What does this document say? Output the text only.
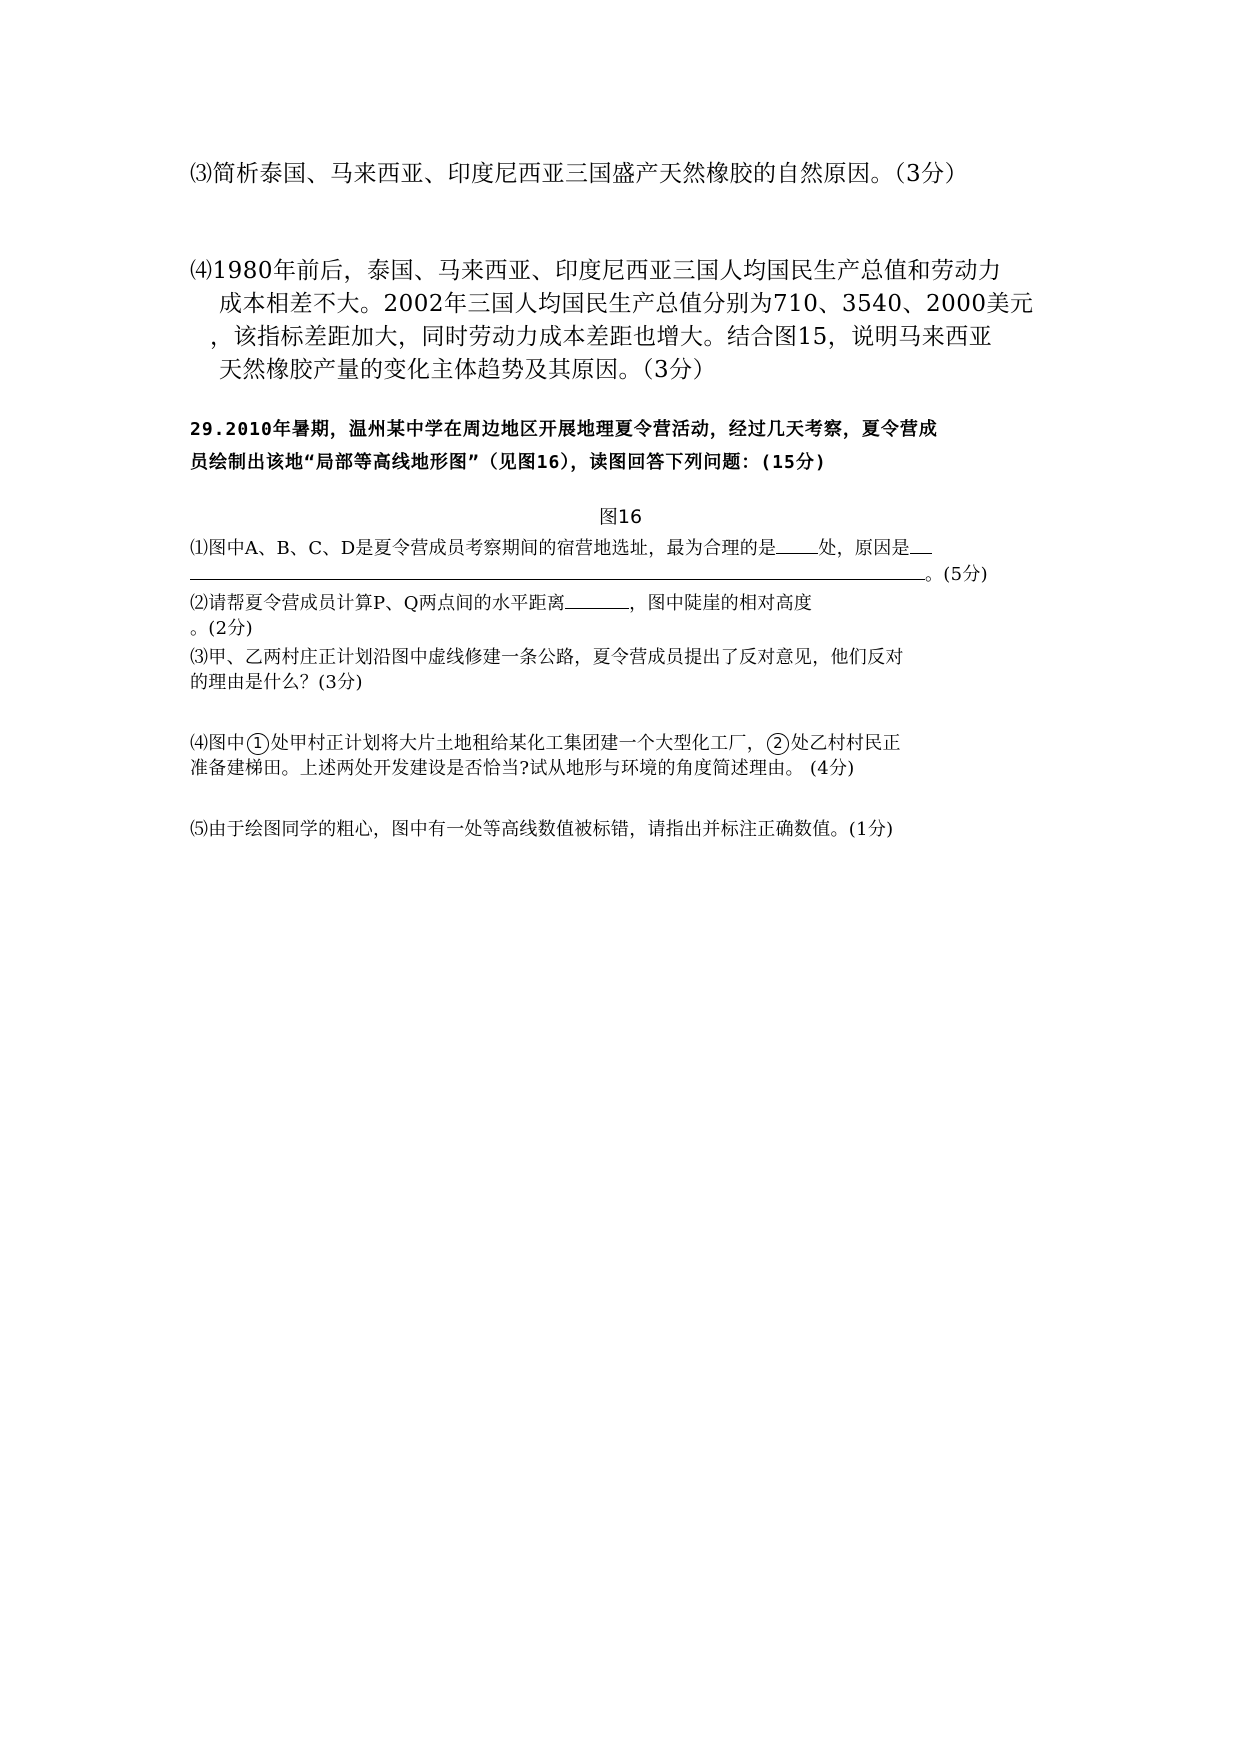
⑶简析泰国、马来西亚、印度尼西亚三国盛产天然橡胶的自然原因。（3分）

⑷1980年前后，泰国、马来西亚、印度尼西亚三国人均国民生产总值和劳动力
成本相差不大。2002年三国人均国民生产总值分别为710、3540、2000美元
，该指标差距加大，同时劳动力成本差距也增大。结合图15，说明马来西亚
天然橡胶产量的变化主体趋势及其原因。（3分）
29.2010年暑期，温州某中学在周边地区开展地理夏令营活动，经过几天考察，夏令营成
员绘制出该地“局部等高线地形图”（见图16），读图回答下列问题：(15分)
图16
⑴图中A、B、C、D是夏令营成员考察期间的宿营地选址，最为合理的是 处，原因是
。(5分)
⑵请帮夏令营成员计算P、Q两点间的水平距离	，图中陡崖的相对高度
。(2分)
⑶甲、乙两村庄正计划沿图中虚线修建一条公路，夏令营成员提出了反对意见，他们反对
的理由是什么？(3分)
⑷图中 1 处甲村正计划将大片土地租给某化工集团建一个大型化工厂， 2 处乙村村民正
准备建梯田。上述两处开发建设是否恰当?试从地形与环境的角度简述理由。 (4分)
⑸由于绘图同学的粗心，图中有一处等高线数值被标错，请指出并标注正确数值。(1分)
